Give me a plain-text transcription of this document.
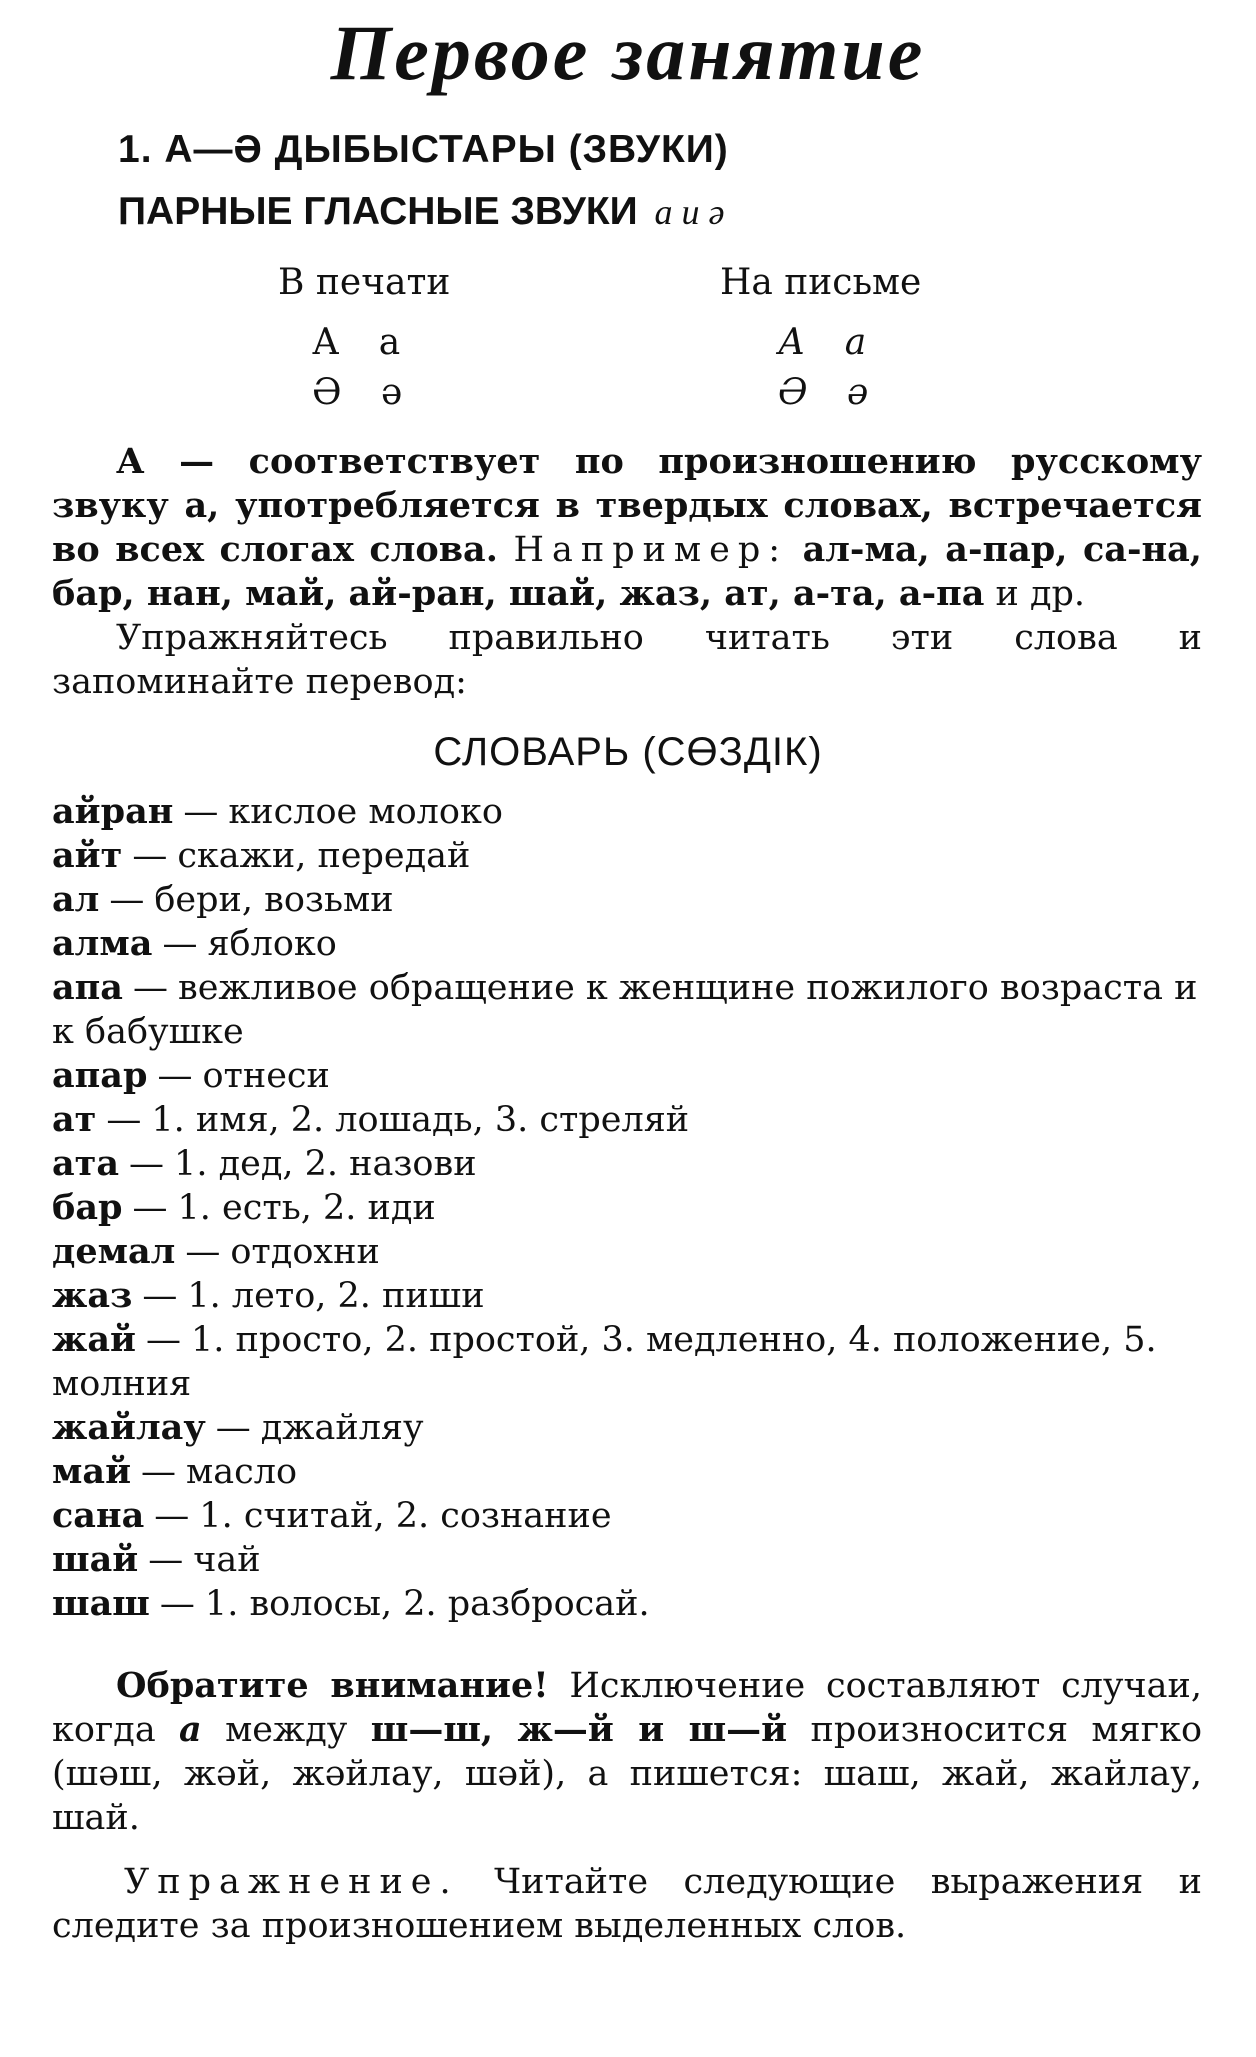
Первое занятие
1. А—Ә ДЫБЫСТАРЫ (ЗВУКИ)
ПАРНЫЕ ГЛАСНЫЕ ЗВУКИ а и ә
В печати	На письме
А а
Ә ә
А а
Ә ә
А — соответствует по произношению русскому звуку а, употребляется в твердых словах, встречается во всех слогах слова. Например: ал-ма, а-пар, са-на, бар, нан, май, ай-ран, шай, жаз, ат, а-та, а-па и др.
Упражняйтесь правильно читать эти слова и запоминайте перевод:
СЛОВАРЬ (СӨЗДІК)
айран — кислое молоко
айт — скажи, передай
ал — бери, возьми
алма — яблоко
апа — вежливое обращение к женщине пожилого возраста и к бабушке
апар — отнеси
ат — 1. имя, 2. лошадь, 3. стреляй
ата — 1. дед, 2. назови
бар — 1. есть, 2. иди
демал — отдохни
жаз — 1. лето, 2. пиши
жай — 1. просто, 2. простой, 3. медленно, 4. положение, 5. молния
жайлау — джайляу
май — масло
сана — 1. считай, 2. сознание
шай — чай
шаш — 1. волосы, 2. разбросай.
Обратите внимание! Исключение составляют случаи, когда а между ш—ш, ж—й и ш—й произносится мягко (шәш, жәй, жәйлау, шәй), а пишется: шаш, жай, жайлау, шай.
Упражнение. Читайте следующие выражения и следите за произношением выделенных слов.
